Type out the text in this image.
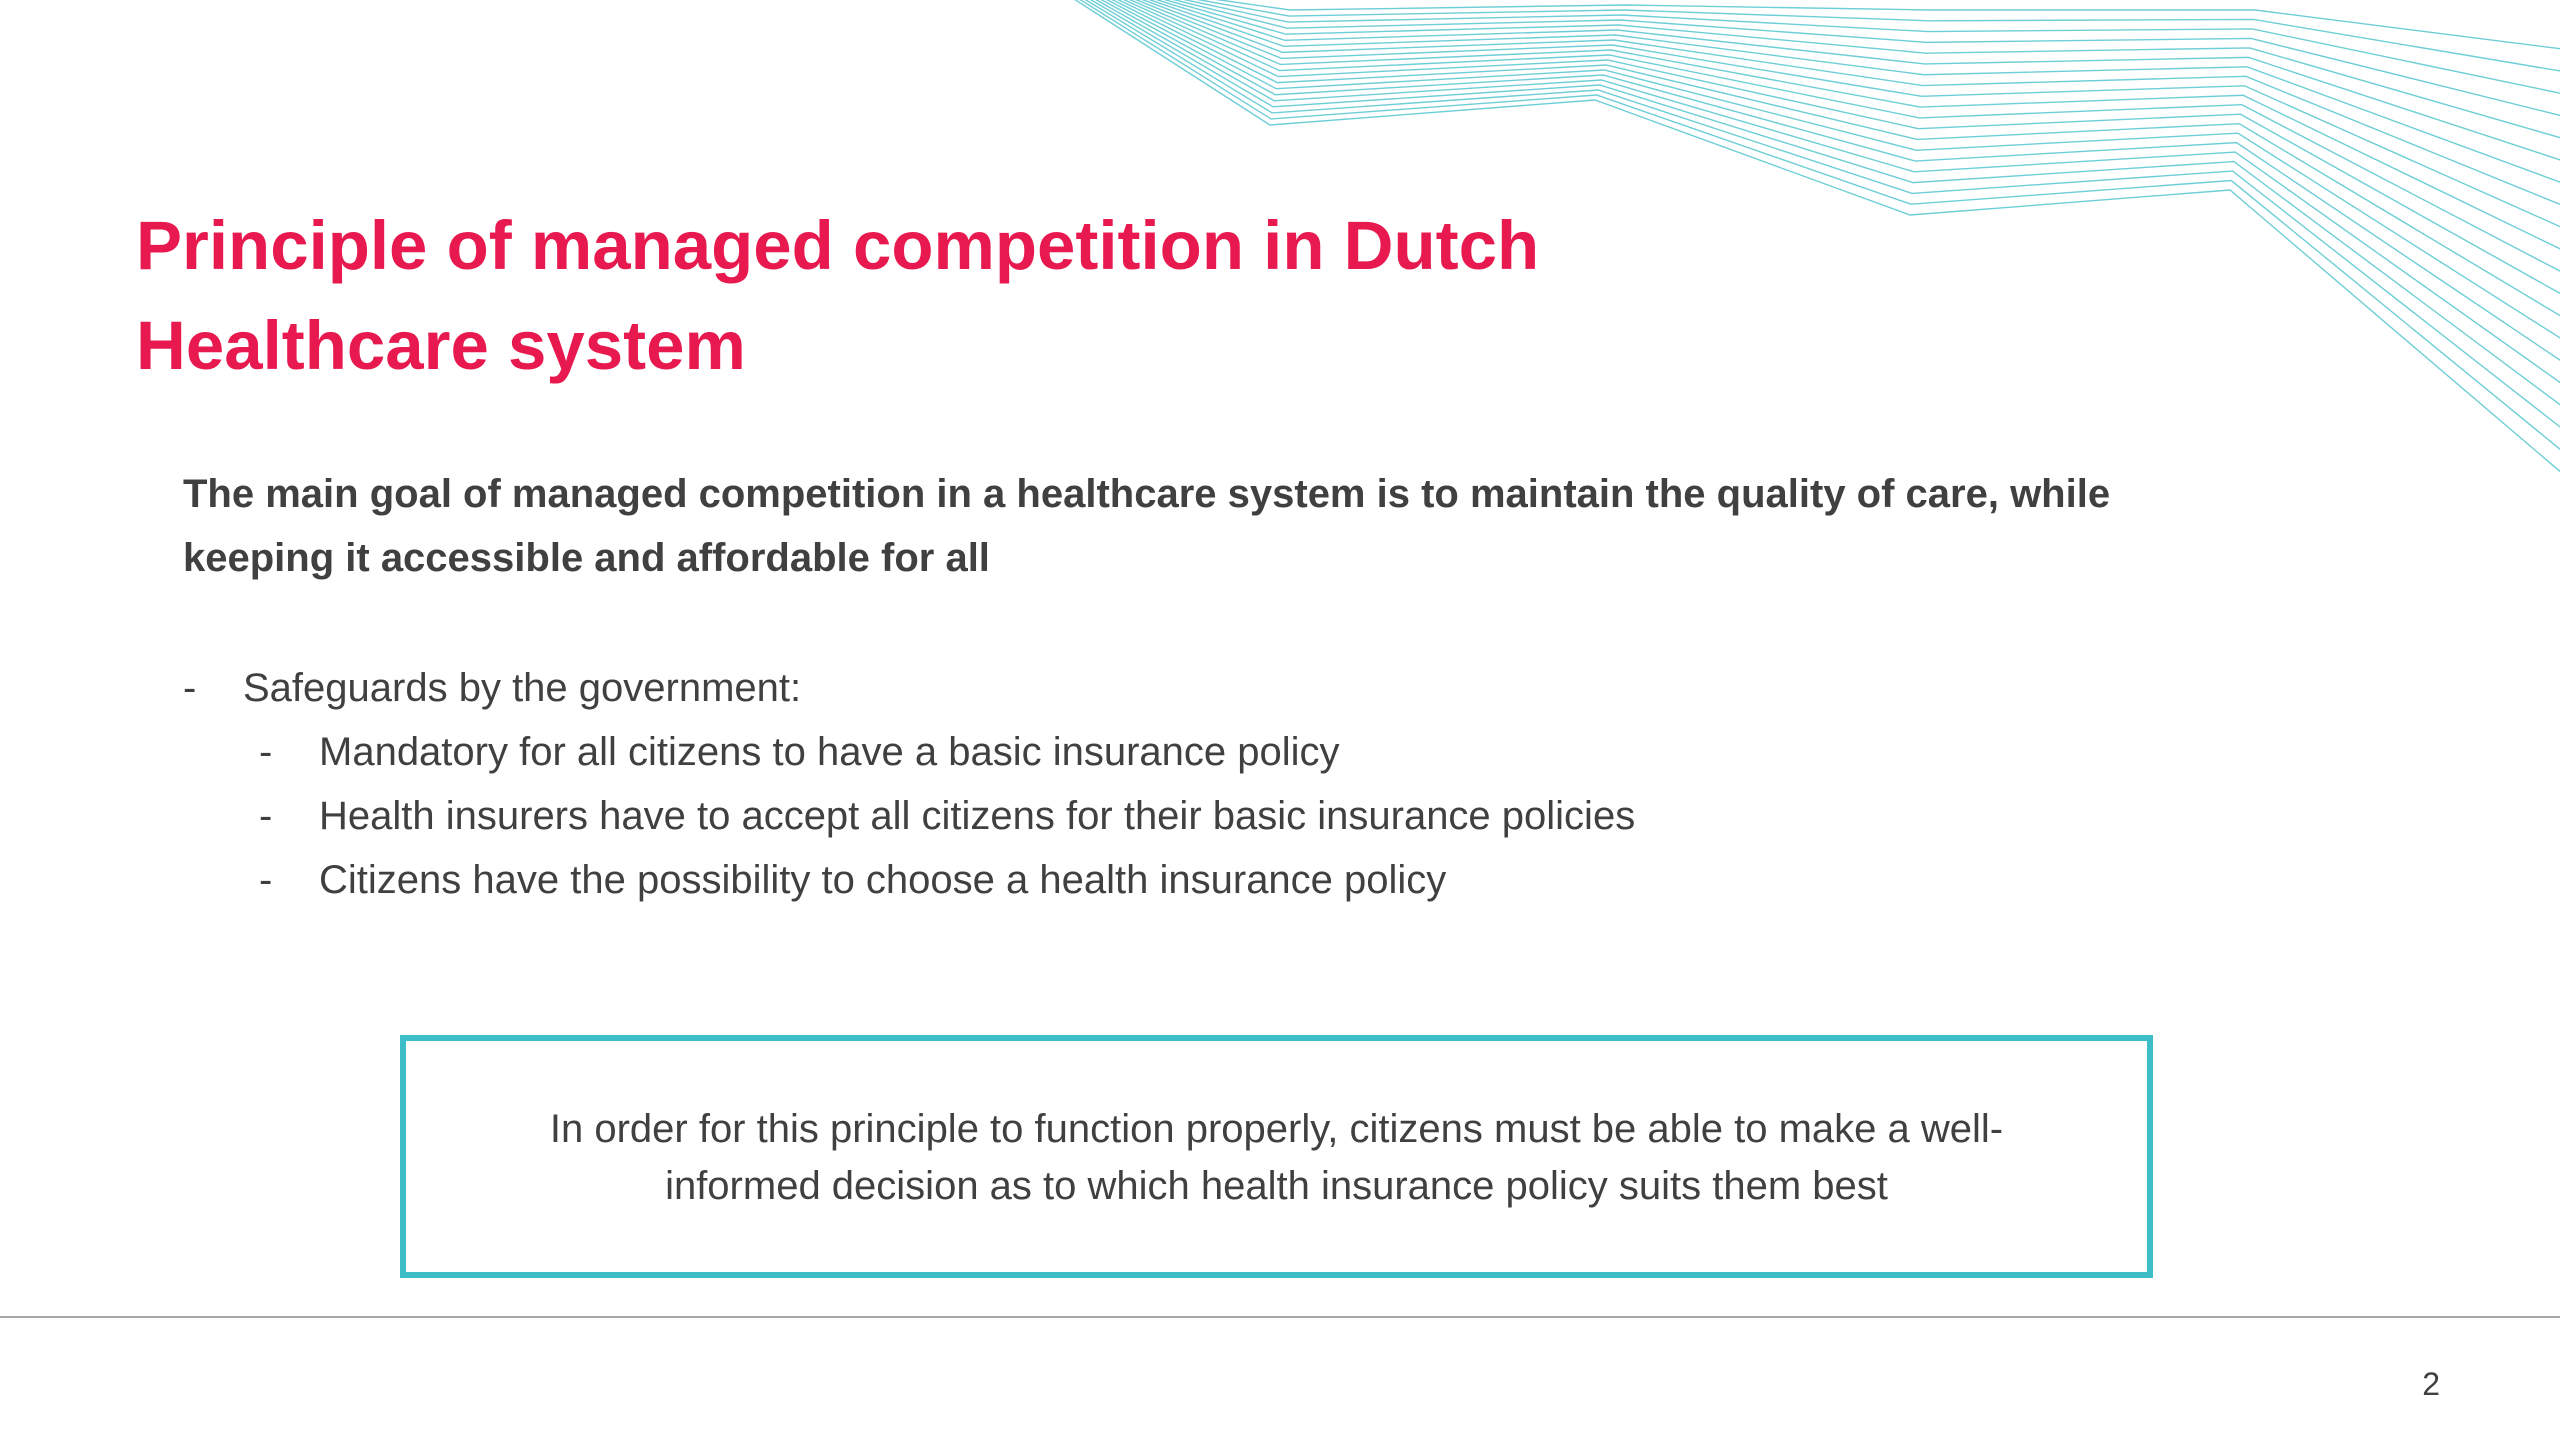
Principle of managed competition in Dutch
Healthcare system

The main goal of managed competition in a healthcare system is to maintain the quality of care, while
keeping it accessible and affordable for all

- Safeguards by the government:
- Mandatory for all citizens to have a basic insurance policy
- Health insurers have to accept all citizens for their basic insurance policies
- Citizens have the possibility to choose a health insurance policy
In order for this principle to function properly, citizens must be able to make a well-
informed decision as to which health insurance policy suits them best
2
